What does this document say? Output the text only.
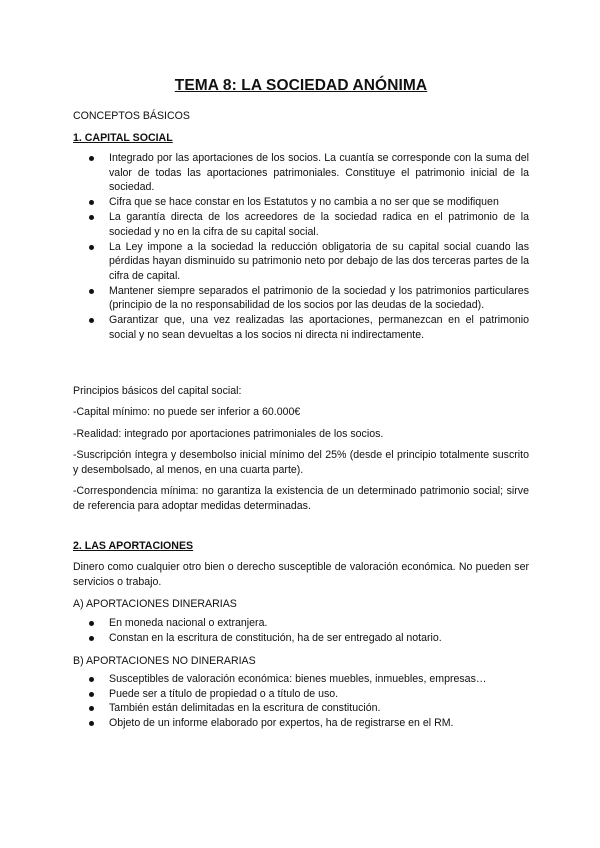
TEMA 8: LA SOCIEDAD ANÓNIMA
CONCEPTOS BÁSICOS
1. CAPITAL SOCIAL
Integrado por las aportaciones de los socios. La cuantía se corresponde con la suma del valor de todas las aportaciones patrimoniales. Constituye el patrimonio inicial de la sociedad.
Cifra que se hace constar en los Estatutos y no cambia a no ser que se modifiquen
La garantía directa de los acreedores de la sociedad radica en el patrimonio de la sociedad y no en la cifra de su capital social.
La Ley impone a la sociedad la reducción obligatoria de su capital social cuando las pérdidas hayan disminuido su patrimonio neto por debajo de las dos terceras partes de la cifra de capital.
Mantener siempre separados el patrimonio de la sociedad y los patrimonios particulares (principio de la no responsabilidad de los socios por las deudas de la sociedad).
Garantizar que, una vez realizadas las aportaciones, permanezcan en el patrimonio social y no sean devueltas a los socios ni directa ni indirectamente.
Principios básicos del capital social:
-Capital mínimo: no puede ser inferior a 60.000€
-Realidad: integrado por aportaciones patrimoniales de los socios.
-Suscripción íntegra y desembolso inicial mínimo del 25% (desde el principio totalmente suscrito y desembolsado, al menos, en una cuarta parte).
-Correspondencia mínima: no garantiza la existencia de un determinado patrimonio social; sirve de referencia para adoptar medidas determinadas.
2. LAS APORTACIONES
Dinero como cualquier otro bien o derecho susceptible de valoración económica. No pueden ser servicios o trabajo.
A) APORTACIONES DINERARIAS
En moneda nacional o extranjera.
Constan en la escritura de constitución, ha de ser entregado al notario.
B) APORTACIONES NO DINERARIAS
Susceptibles de valoración económica: bienes muebles, inmuebles, empresas…
Puede ser a título de propiedad o a título de uso.
También están delimitadas en la escritura de constitución.
Objeto de un informe elaborado por expertos, ha de registrarse en el RM.
